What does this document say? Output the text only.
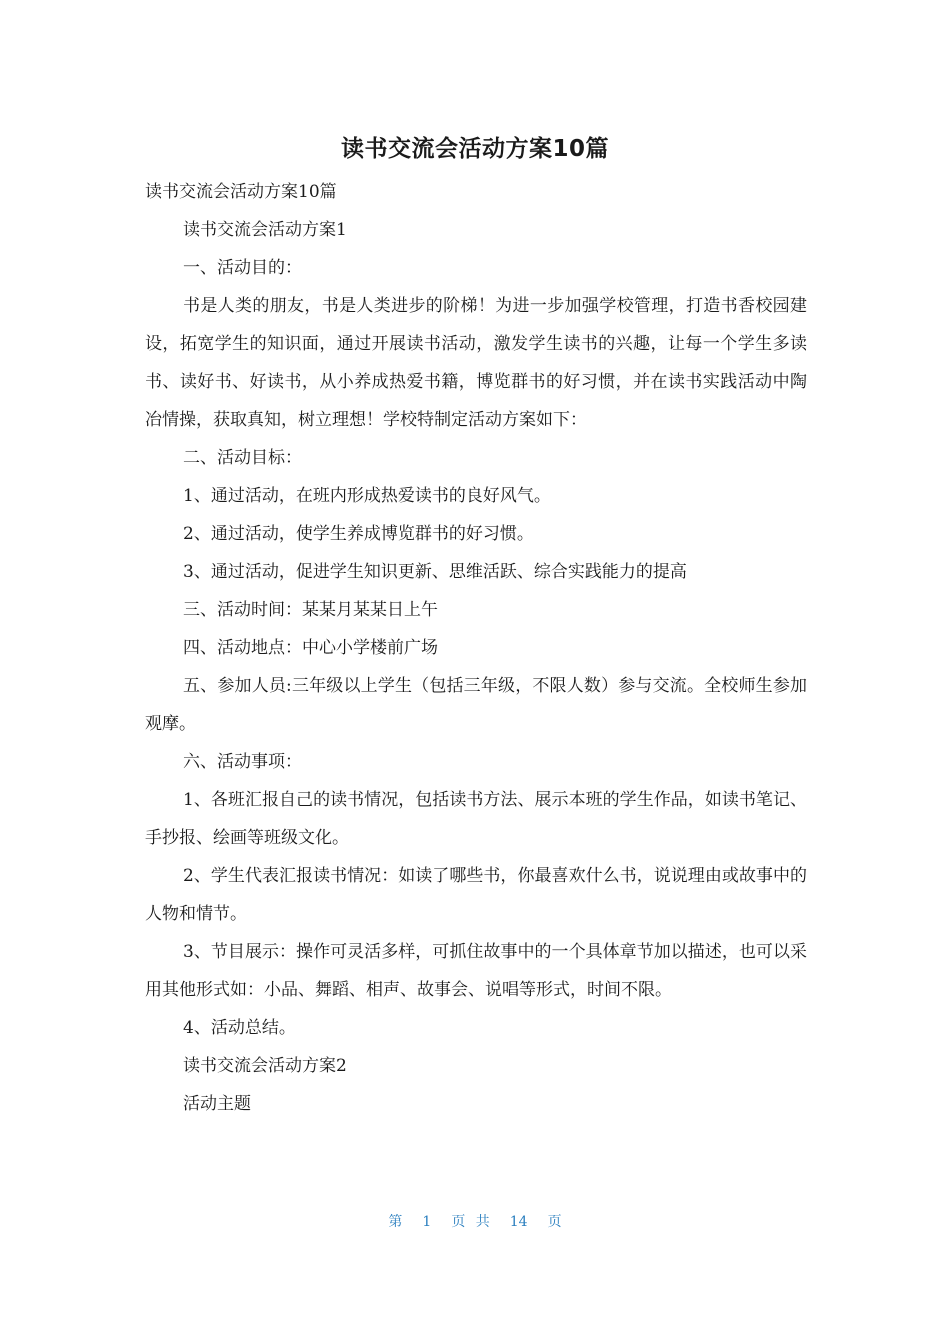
读书交流会活动方案10篇

读书交流会活动方案10篇

读书交流会活动方案1

一、活动目的：

书是人类的朋友，书是人类进步的阶梯！为进一步加强学校管理，打造书香校园建设，拓宽学生的知识面，通过开展读书活动，激发学生读书的兴趣，让每一个学生多读书、读好书、好读书，从小养成热爱书籍，博览群书的好习惯，并在读书实践活动中陶冶情操，获取真知，树立理想！学校特制定活动方案如下：

二、活动目标：

1、通过活动，在班内形成热爱读书的良好风气。

2、通过活动，使学生养成博览群书的好习惯。

3、通过活动，促进学生知识更新、思维活跃、综合实践能力的提高

三、活动时间：某某月某某日上午

四、活动地点：中心小学楼前广场

五、参加人员:三年级以上学生（包括三年级，不限人数）参与交流。全校师生参加观摩。

六、活动事项：

1、各班汇报自己的读书情况，包括读书方法、展示本班的学生作品，如读书笔记、手抄报、绘画等班级文化。

2、学生代表汇报读书情况：如读了哪些书，你最喜欢什么书，说说理由或故事中的人物和情节。

3、节目展示：操作可灵活多样，可抓住故事中的一个具体章节加以描述，也可以采用其他形式如：小品、舞蹈、相声、故事会、说唱等形式，时间不限。

4、活动总结。

读书交流会活动方案2

活动主题

第 1 页 共 14 页
